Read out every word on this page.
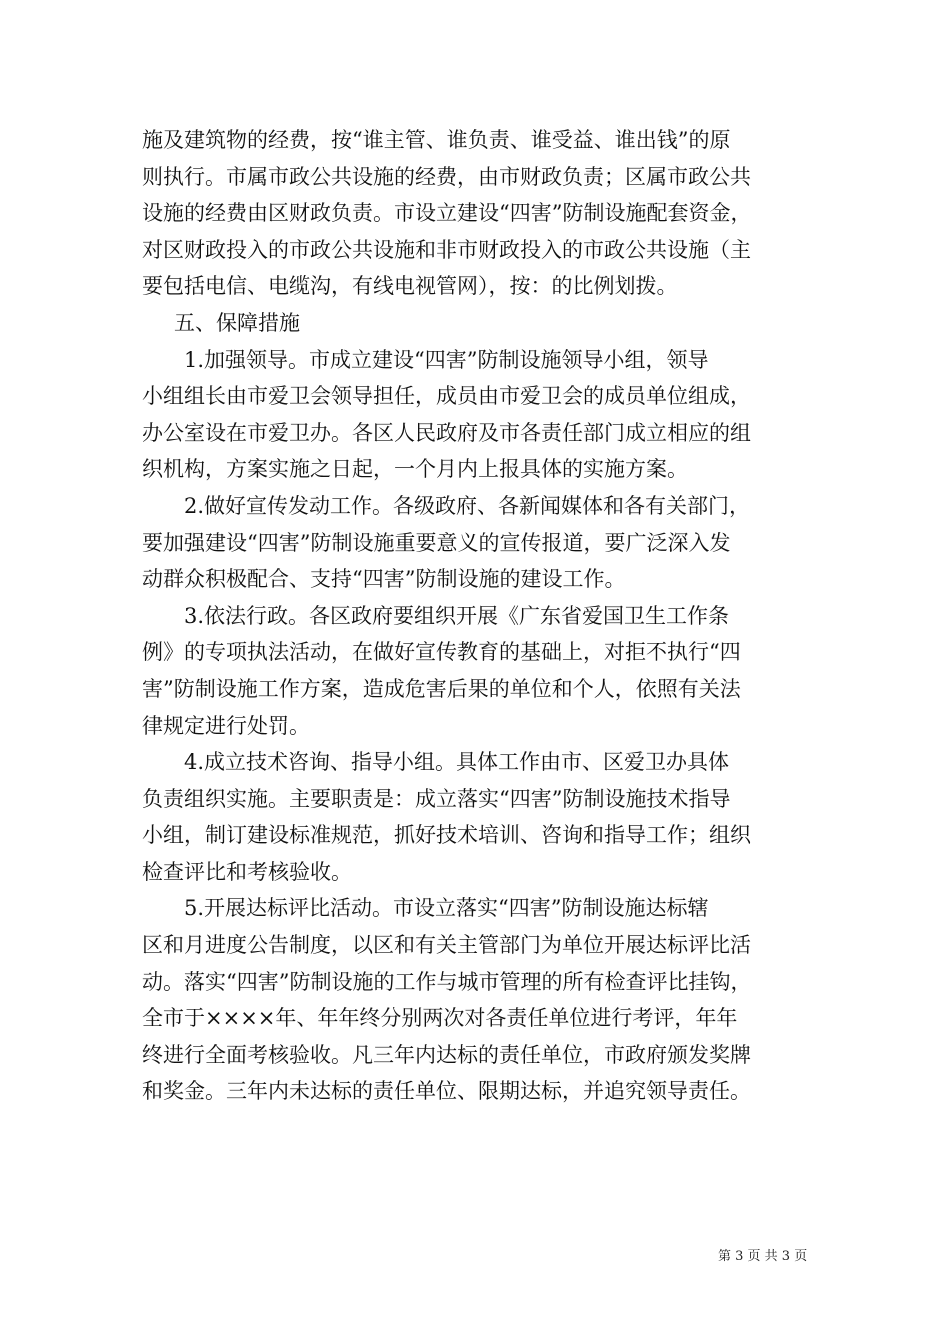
施及建筑物的经费，按“谁主管、谁负责、谁受益、谁出钱”的原
则执行。市属市政公共设施的经费，由市财政负责；区属市政公共
设施的经费由区财政负责。市设立建设“四害”防制设施配套资金，
对区财政投入的市政公共设施和非市财政投入的市政公共设施（主
要包括电信、电缆沟，有线电视管网），按：的比例划拨。
五、保障措施
1.加强领导。市成立建设“四害”防制设施领导小组，领导
小组组长由市爱卫会领导担任，成员由市爱卫会的成员单位组成，
办公室设在市爱卫办。各区人民政府及市各责任部门成立相应的组
织机构，方案实施之日起，一个月内上报具体的实施方案。
2.做好宣传发动工作。各级政府、各新闻媒体和各有关部门，
要加强建设“四害”防制设施重要意义的宣传报道，要广泛深入发
动群众积极配合、支持“四害”防制设施的建设工作。
3.依法行政。各区政府要组织开展《广东省爱国卫生工作条
例》的专项执法活动，在做好宣传教育的基础上，对拒不执行“四
害”防制设施工作方案，造成危害后果的单位和个人，依照有关法
律规定进行处罚。
4.成立技术咨询、指导小组。具体工作由市、区爱卫办具体
负责组织实施。主要职责是：成立落实“四害”防制设施技术指导
小组，制订建设标准规范，抓好技术培训、咨询和指导工作；组织
检查评比和考核验收。
5.开展达标评比活动。市设立落实“四害”防制设施达标辖
区和月进度公告制度，以区和有关主管部门为单位开展达标评比活
动。落实“四害”防制设施的工作与城市管理的所有检查评比挂钩，
全市于××××年、年年终分别两次对各责任单位进行考评，年年
终进行全面考核验收。凡三年内达标的责任单位，市政府颁发奖牌
和奖金。三年内未达标的责任单位、限期达标，并追究领导责任。
第 3 页 共 3 页
